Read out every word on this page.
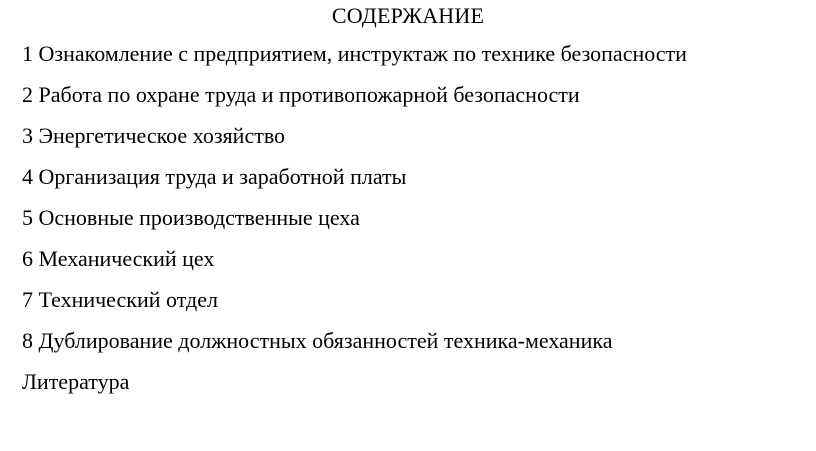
СОДЕРЖАНИЕ
1 Ознакомление с предприятием, инструктаж по технике безопасности
2 Работа по охране труда и противопожарной безопасности
3 Энергетическое хозяйство
4 Организация труда и заработной платы
5 Основные производственные цеха
6 Механический цех
7 Технический отдел
8 Дублирование должностных обязанностей техника-механика
Литература
